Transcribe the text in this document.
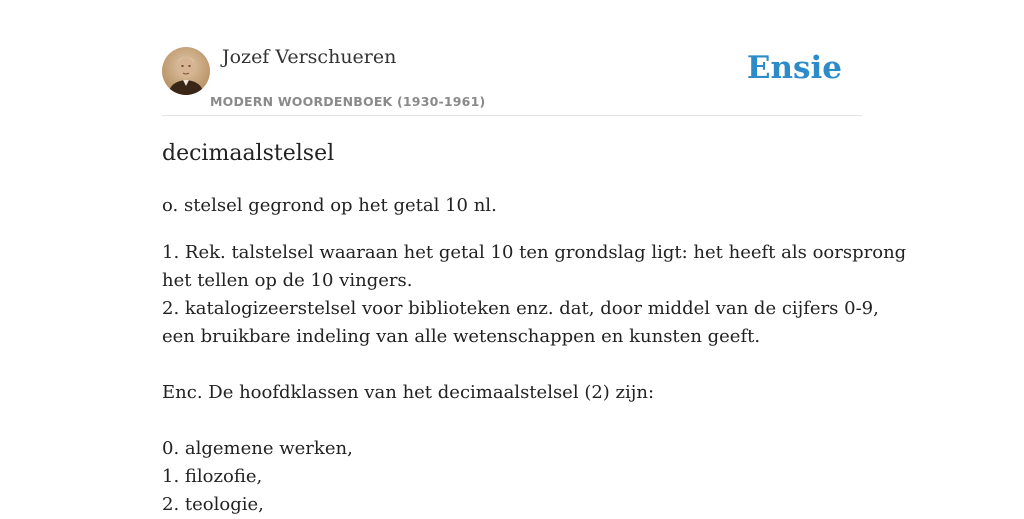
Jozef Verschueren
MODERN WOORDENBOEK (1930-1961)
Ensie
decimaalstelsel
o. stelsel gegrond op het getal 10 nl.
1. Rek. talstelsel waaraan het getal 10 ten grondslag ligt: het heeft als oorsprong
het tellen op de 10 vingers.
2. katalogizeerstelsel voor biblioteken enz. dat, door middel van de cijfers 0-9,
een bruikbare indeling van alle wetenschappen en kunsten geeft.
Enc. De hoofdklassen van het decimaalstelsel (2) zijn:
0. algemene werken,
1. filozofie,
2. teologie,
